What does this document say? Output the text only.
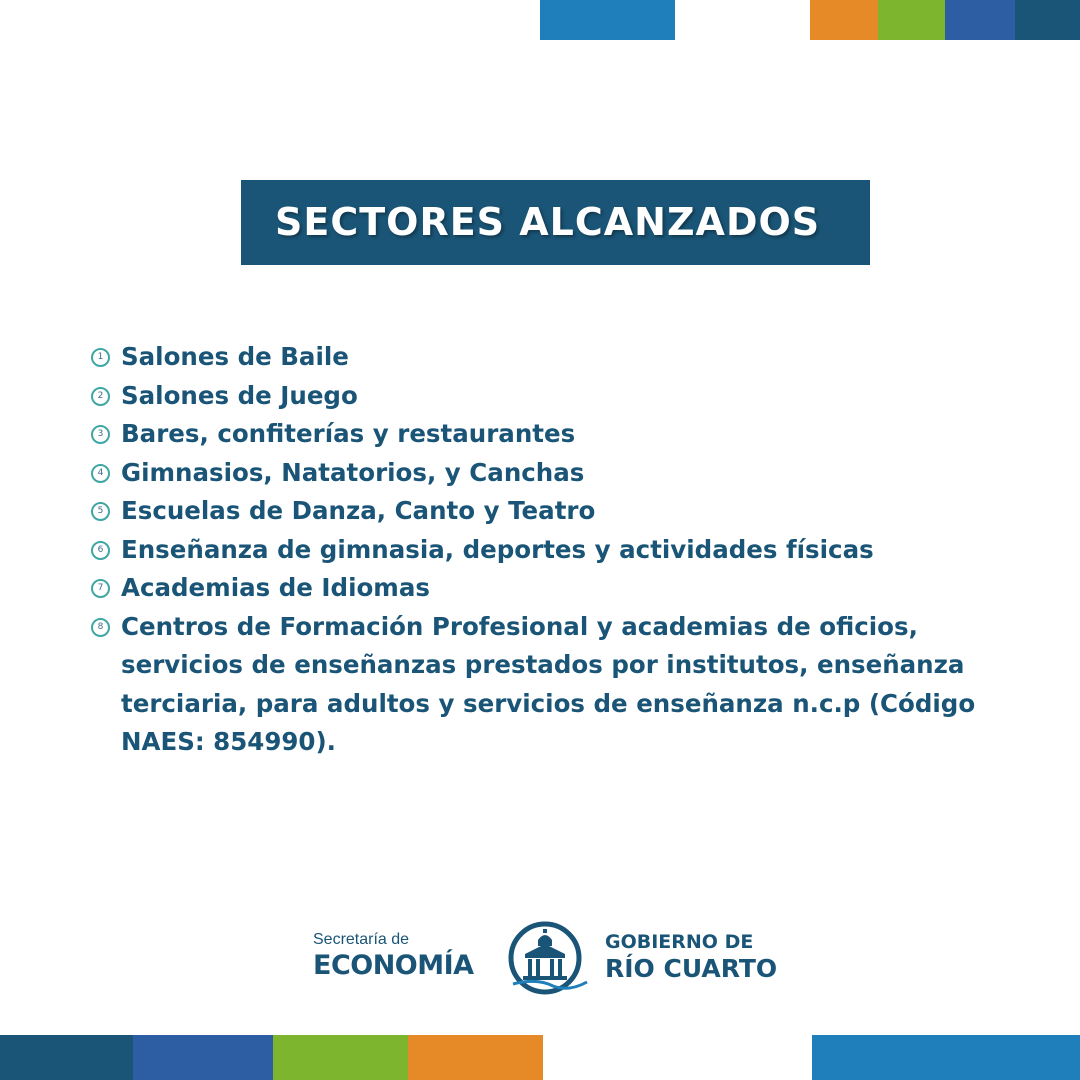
SECTORES ALCANZADOS
1 Salones de Baile
2 Salones de Juego
3 Bares, confiterías y restaurantes
4 Gimnasios, Natatorios, y Canchas
5 Escuelas de Danza, Canto y Teatro
6 Enseñanza de gimnasia, deportes y actividades físicas
7 Academias de Idiomas
8 Centros de Formación Profesional y academias de oficios, servicios de enseñanzas prestados por institutos, enseñanza terciaria, para adultos y servicios de enseñanza n.c.p (Código NAES: 854990).
Secretaría de
ECONOMÍA
GOBIERNO DE
RÍO CUARTO
